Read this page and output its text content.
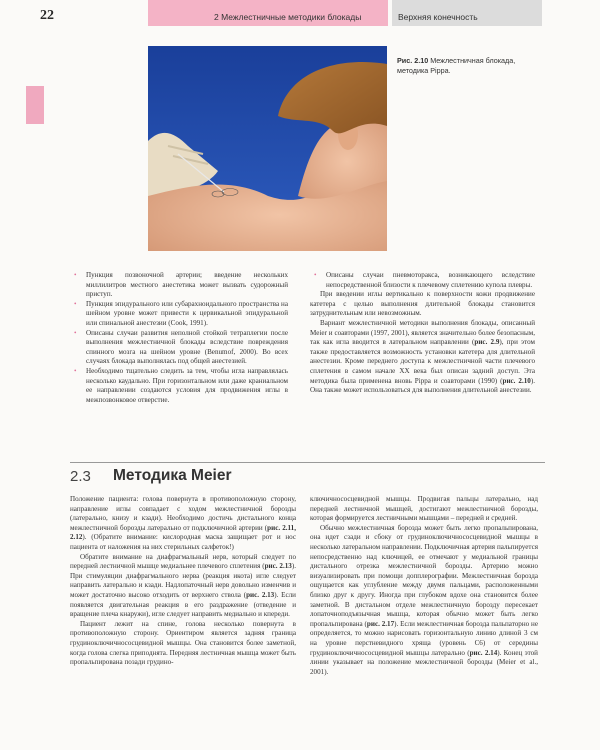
22	2 Межлестничные методики блокады	Верхняя конечность
Рис. 2.10 Межлестничная блокада, методика Pippa.
• Пункция позвоночной артерии; введение нескольких миллилитров местного анестетика может вызвать судорожный приступ.
• Пункция эпидурального или субарахноидального пространства на шейном уровне может привести к цервикальной эпидуральной или спинальной анестезии (Cook, 1991).
• Описаны случаи развития неполной стойкой тетраплегии после выполнения межлестничной блокады вследствие повреждения спинного мозга на шейном уровне (Benumof, 2000). Во всех случаях блокада выполнялась под общей анестезией.
• Необходимо тщательно следить за тем, чтобы игла направлялась несколько каудально. При горизонтальном или даже краниальном ее направлении создаются условия для продвижения иглы в межпозвонковое отверстие.
• Описаны случаи пневмоторакса, возникающего вследствие непосредственной близости к плечевому сплетению купола плевры.

При введении иглы вертикально к поверхности кожи продвижение катетера с целью выполнения длительной блокады становится затруднительным или невозможным.

Вариант межлестничной методики выполнения блокады, описанный Meier и соавторами (1997, 2001), является значительно более безопасным, так как игла вводится в латеральном направлении (рис. 2.9), при этом также предоставляется возможность установки катетера для длительной анестезии. Кроме переднего доступа к межлестничной части плечевого сплетения в самом начале XX века был описан задний доступ. Эта методика была применена вновь Pippa и соавторами (1990) (рис. 2.10). Она также может использоваться для выполнения длительной анестезии.

2.3 Методика Meier

Положение пациента: голова повернута в противоположную сторону, направление иглы совпадает с ходом межлестничной борозды (латерально, книзу и кзади). Необходимо достичь дистального конца межлестничной борозды латерально от подключичной артерии (рис. 2.11, 2.12). (Обратите внимание: кислородная маска защищает рот и нос пациента от наложения на них стерильных салфеток!)

Обратите внимание на диафрагмальный нерв, который следует по передней лестничной мышце медиальнее плечевого сплетения (рис. 2.13). При стимуляции диафрагмального нерва (реакция икота) игле следует направить латерально и кзади. Надлопаточный нерв довольно изменчив и может достаточно высоко отходить от верхнего ствола (рис. 2.13). Если появляется двигательная реакция в его раздражение (отведение и вращение плеча кнаружи), игле следует направить медиально и кпереди.

Пациент лежит на спине, голова несколько повернута в противоположную сторону. Ориентиром является задняя граница грудиноключичнососцевидной мышцы. Она становится более заметной, когда голова слегка приподнята. Передняя лестничная мышца может быть пропальпирована позади грудино-

ключичнососцевидной мышцы. Продвигая пальцы латерально, над передней лестничной мышцей, достигают межлестничной борозды, которая формируется лестничными мышцами – передней и средней.

Обычно межлестничная борозда может быть легко пропальпирована, она идет сзади и сбоку от грудиноключичнососцевидной мышцы в несколько латеральном направлении. Подключичная артерия пальпируется непосредственно над ключицей, ее отмечают у медиальной границы дистального отрезка межлестничной борозды. Артерию можно визуализировать при помощи допплерографии. Межлестничная борозда ощущается как углубление между двумя пальцами, расположенными близко друг к другу. Иногда при глубоком вдохе она становится более заметной. В дистальном отделе межлестничную борозду пересекает лопаточноподъязычная мышца, которая обычно может быть легко пропальпирована (рис. 2.17). Если межлестничная борозда пальпаторно не определяется, то можно нарисовать горизонтальную линию длиной 3 см на уровне перстневидного хряща (уровень C6) от середины грудиноключичнососцевидной мышцы латерально (рис. 2.14). Конец этой линии указывает на положение межлестничной борозды (Meier et al., 2001).
